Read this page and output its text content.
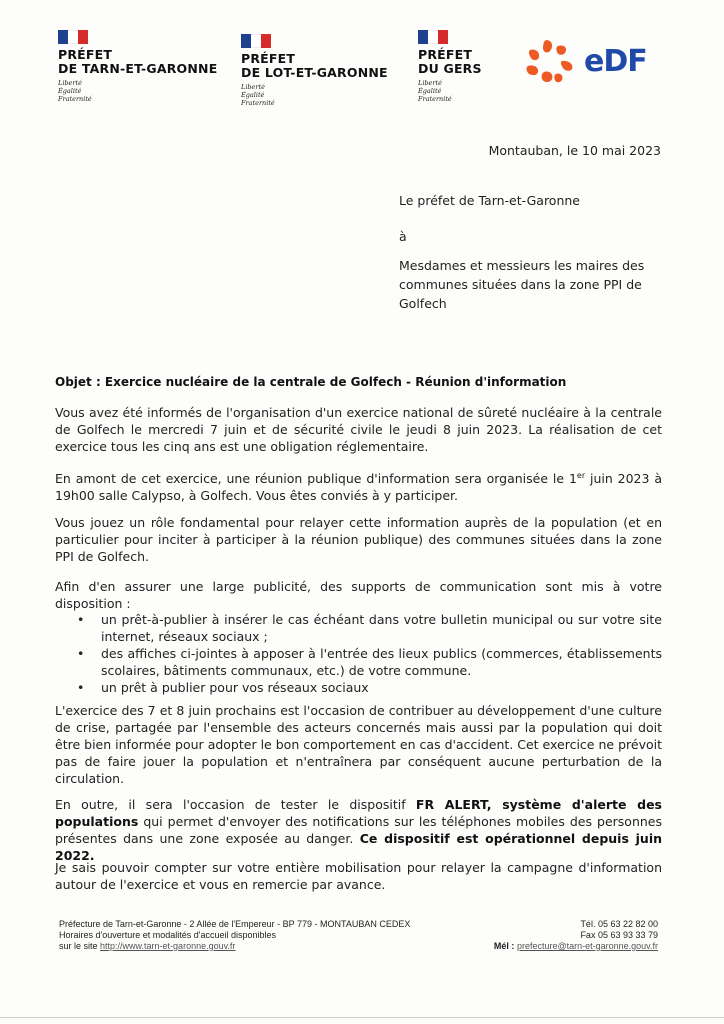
PRÉFET
DE TARN-ET-GARONNE
Liberté
Égalité
Fraternité
PRÉFET
DE LOT-ET-GARONNE
Liberté
Égalité
Fraternité
PRÉFET
DU GERS
Liberté
Égalité
Fraternité
eDF
Montauban, le 10 mai 2023
Le préfet de Tarn-et-Garonne
à
Mesdames et messieurs les maires des
communes situées dans la zone PPI de
Golfech
Objet : Exercice nucléaire de la centrale de Golfech - Réunion d'information
Vous avez été informés de l'organisation d'un exercice national de sûreté nucléaire à la centrale de Golfech le mercredi 7 juin et de sécurité civile le jeudi 8 juin 2023. La réalisation de cet exercice tous les cinq ans est une obligation réglementaire.
En amont de cet exercice, une réunion publique d'information sera organisée le 1er juin 2023 à 19h00 salle Calypso, à Golfech. Vous êtes conviés à y participer.
Vous jouez un rôle fondamental pour relayer cette information auprès de la population (et en particulier pour inciter à participer à la réunion publique) des communes situées dans la zone PPI de Golfech.
Afin d'en assurer une large publicité, des supports de communication sont mis à votre disposition :
• un prêt-à-publier à insérer le cas échéant dans votre bulletin municipal ou sur votre site internet, réseaux sociaux ;
• des affiches ci-jointes à apposer à l'entrée des lieux publics (commerces, établissements scolaires, bâtiments communaux, etc.) de votre commune.
• un prêt à publier pour vos réseaux sociaux
L'exercice des 7 et 8 juin prochains est l'occasion de contribuer au développement d'une culture de crise, partagée par l'ensemble des acteurs concernés mais aussi par la population qui doit être bien informée pour adopter le bon comportement en cas d'accident. Cet exercice ne prévoit pas de faire jouer la population et n'entraînera par conséquent aucune perturbation de la circulation.
En outre, il sera l'occasion de tester le dispositif FR ALERT, système d'alerte des populations qui permet d'envoyer des notifications sur les téléphones mobiles des personnes présentes dans une zone exposée au danger. Ce dispositif est opérationnel depuis juin 2022.
Je sais pouvoir compter sur votre entière mobilisation pour relayer la campagne d'information autour de l'exercice et vous en remercie par avance.
Préfecture de Tarn-et-Garonne - 2 Allée de l'Empereur - BP 779 - MONTAUBAN CEDEX
Horaires d'ouverture et modalités d'accueil disponibles
sur le site http://www.tarn-et-garonne.gouv.fr
Tél. 05 63 22 82 00
Fax 05 63 93 33 79
Mél : prefecture@tarn-et-garonne.gouv.fr
